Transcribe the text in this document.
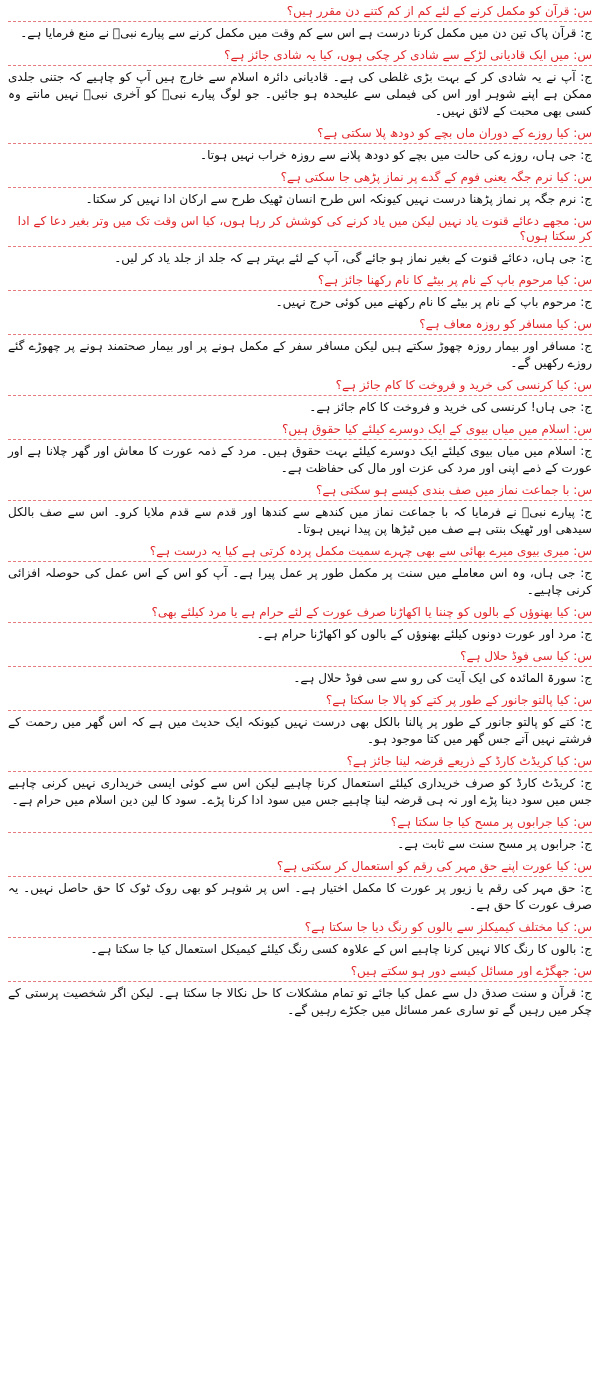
س: قرآن کو مکمل کرنے کے لئے کم از کم کتنے دن مقرر ہیں؟
ج: قرآن پاک تین دن میں مکمل کرنا درست ہے اس سے کم وقت میں مکمل کرنے سے پیارے نبیؐ نے منع فرمایا ہے۔
س: میں ایک قادیانی لڑکے سے شادی کر چکی ہوں، کیا یہ شادی جائز ہے؟
ج: آپ نے یہ شادی کر کے بہت بڑی غلطی کی ہے۔ قادیانی دائرہ اسلام سے خارج ہیں آپ کو چاہیے کہ جتنی جلدی ممکن ہے اپنے شوہر اور اس کی فیملی سے علیحدہ ہو جائیں۔ جو لوگ پیارے نبیؐ کو آخری نبیؐ نہیں مانتے وہ کسی بھی محبت کے لائق نہیں۔
س: کیا روزے کے دوران ماں بچے کو دودھ پلا سکتی ہے؟
ج: جی ہاں، روزے کی حالت میں بچے کو دودھ پلانے سے روزہ خراب نہیں ہوتا۔
س: کیا نرم جگہ یعنی فوم کے گدے پر نماز پڑھی جا سکتی ہے؟
ج: نرم جگہ پر نماز پڑھنا درست نہیں کیونکہ اس طرح انسان ٹھیک طرح سے ارکان ادا نہیں کر سکتا۔
س: مجھے دعائے قنوت یاد نہیں لیکن میں یاد کرنے کی کوشش کر رہا ہوں، کیا اس وقت تک میں وتر بغیر دعا کے ادا کر سکتا ہوں؟
ج: جی ہاں، دعائے قنوت کے بغیر نماز ہو جائے گی، آپ کے لئے بہتر ہے کہ جلد از جلد یاد کر لیں۔
س: کیا مرحوم باپ کے نام پر بیٹے کا نام رکھنا جائز ہے؟
ج: مرحوم باپ کے نام پر بیٹے کا نام رکھنے میں کوئی حرج نہیں۔
س: کیا مسافر کو روزہ معاف ہے؟
ج: مسافر اور بیمار روزہ چھوڑ سکتے ہیں لیکن مسافر سفر کے مکمل ہونے پر اور بیمار صحتمند ہونے پر چھوڑے گئے روزے رکھیں گے۔
س: کیا کرنسی کی خرید و فروخت کا کام جائز ہے؟
ج: جی ہاں! کرنسی کی خرید و فروخت کا کام جائز ہے۔
س: اسلام میں میاں بیوی کے ایک دوسرے کیلئے کیا حقوق ہیں؟
ج: اسلام میں میاں بیوی کیلئے ایک دوسرے کیلئے بہت حقوق ہیں۔ مرد کے ذمہ عورت کا معاش اور گھر چلانا ہے اور عورت کے ذمے اپنی اور مرد کی عزت اور مال کی حفاظت ہے۔
س: با جماعت نماز میں صف بندی کیسے ہو سکتی ہے؟
ج: پیارے نبیؐ نے فرمایا کہ با جماعت نماز میں کندھے سے کندھا اور قدم سے قدم ملایا کرو۔ اس سے صف بالکل سیدھی اور ٹھیک بنتی ہے صف میں ٹیڑھا پن پیدا نہیں ہوتا۔
س: میری بیوی میرے بھائی سے بھی چہرے سمیت مکمل پردہ کرتی ہے کیا یہ درست ہے؟
ج: جی ہاں، وہ اس معاملے میں سنت پر مکمل طور پر عمل پیرا ہے۔ آپ کو اس کے اس عمل کی حوصلہ افزائی کرنی چاہیے۔
س: کیا بھنوؤں کے بالوں کو چننا یا اکھاڑنا صرف عورت کے لئے حرام ہے یا مرد کیلئے بھی؟
ج: مرد اور عورت دونوں کیلئے بھنوؤں کے بالوں کو اکھاڑنا حرام ہے۔
س: کیا سی فوڈ حلال ہے؟
ج: سورۃ المائدہ کی ایک آیت کی رو سے سی فوڈ حلال ہے۔
س: کیا پالتو جانور کے طور پر کتے کو پالا جا سکتا ہے؟
ج: کتے کو پالتو جانور کے طور پر پالنا بالکل بھی درست نہیں کیونکہ ایک حدیث میں ہے کہ اس گھر میں رحمت کے فرشتے نہیں آتے جس گھر میں کتا موجود ہو۔
س: کیا کریڈٹ کارڈ کے ذریعے قرضہ لینا جائز ہے؟
ج: کریڈٹ کارڈ کو صرف خریداری کیلئے استعمال کرنا چاہیے لیکن اس سے کوئی ایسی خریداری نہیں کرنی چاہیے جس میں سود دینا پڑے اور نہ ہی قرضہ لینا چاہیے جس میں سود ادا کرنا پڑے۔ سود کا لین دین اسلام میں حرام ہے۔
س: کیا جرابوں پر مسح کیا جا سکتا ہے؟
ج: جرابوں پر مسح سنت سے ثابت ہے۔
س: کیا عورت اپنے حق مہر کی رقم کو استعمال کر سکتی ہے؟
ج: حق مہر کی رقم یا زیور پر عورت کا مکمل اختیار ہے۔ اس پر شوہر کو بھی روک ٹوک کا حق حاصل نہیں۔ یہ صرف عورت کا حق ہے۔
س: کیا مختلف کیمیکلز سے بالوں کو رنگ دیا جا سکتا ہے؟
ج: بالوں کا رنگ کالا نہیں کرنا چاہیے اس کے علاوہ کسی رنگ کیلئے کیمیکل استعمال کیا جا سکتا ہے۔
س: جھگڑے اور مسائل کیسے دور ہو سکتے ہیں؟
ج: قرآن و سنت صدق دل سے عمل کیا جائے تو تمام مشکلات کا حل نکالا جا سکتا ہے۔ لیکن اگر شخصیت پرستی کے چکر میں رہیں گے تو ساری عمر مسائل میں جکڑے رہیں گے۔
